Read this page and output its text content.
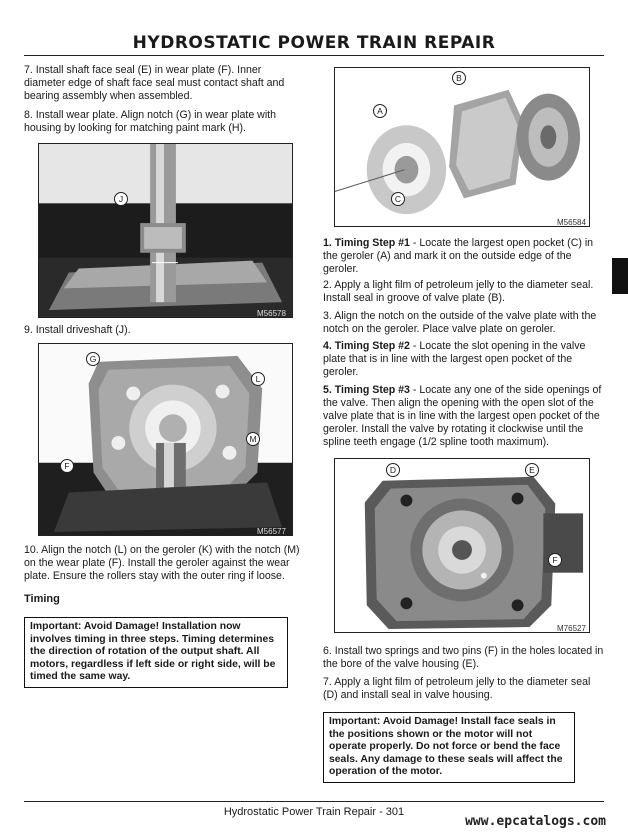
HYDROSTATIC POWER TRAIN REPAIR
7. Install shaft face seal (E) in wear plate (F). Inner diameter edge of shaft face seal must contact shaft and bearing assembly when assembled.
8. Install wear plate. Align notch (G) in wear plate with housing by looking for matching paint mark (H).
J
M56578
9. Install driveshaft (J).
G
L
M
F
M56577
10. Align the notch (L) on the geroler (K) with the notch (M) on the wear plate (F). Install the geroler against the wear plate. Ensure the rollers stay with the outer ring if loose.
Timing
Important: Avoid Damage! Installation now involves timing in three steps. Timing determines the direction of rotation of the output shaft. All motors, regardless if left side or right side, will be timed the same way.
B
A
C
M56584
1. Timing Step #1 - Locate the largest open pocket (C) in the geroler (A) and mark it on the outside edge of the geroler.
2. Apply a light film of petroleum jelly to the diameter seal. Install seal in groove of valve plate (B).
3. Align the notch on the outside of the valve plate with the notch on the geroler. Place valve plate on geroler.
4. Timing Step #2 - Locate the slot opening in the valve plate that is in line with the largest open pocket of the geroler.
5. Timing Step #3 - Locate any one of the side openings of the valve. Then align the opening with the open slot of the valve plate that is in line with the largest open pocket of the geroler. Install the valve by rotating it clockwise until the spline teeth engage (1/2 spline tooth maximum).
D	E
F
M76527
6. Install two springs and two pins (F) in the holes located in the bore of the valve housing (E).
7. Apply a light film of petroleum jelly to the diameter seal (D) and install seal in valve housing.
Important: Avoid Damage! Install face seals in the positions shown or the motor will not operate properly. Do not force or bend the face seals. Any damage to these seals will affect the operation of the motor.
Hydrostatic Power Train Repair - 301
www.epcatalogs.com
